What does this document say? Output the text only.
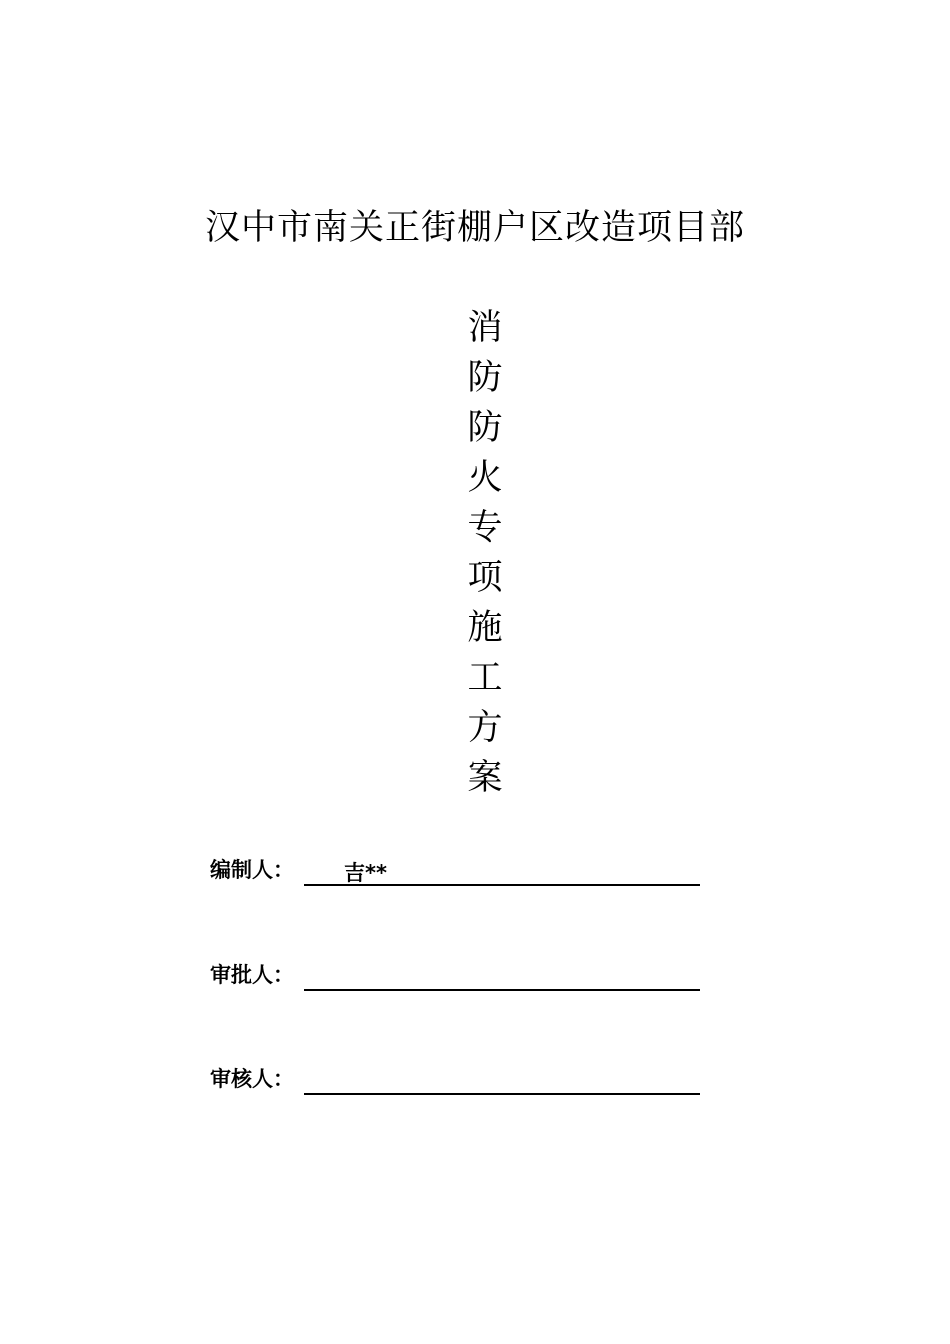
汉中市南关正街棚户区改造项目部
消
防
防
火
专
项
施
工
方
案
编制人： 吉**
审批人：
审核人：
